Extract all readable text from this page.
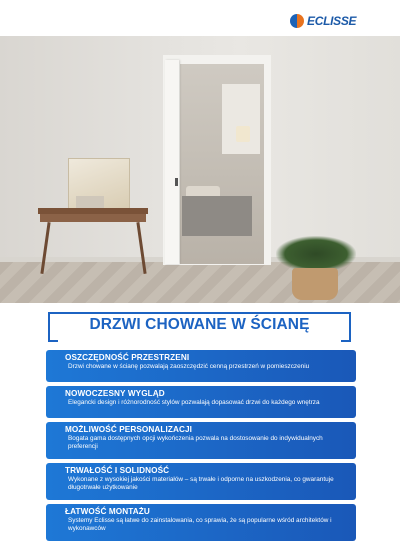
ECLISSE
DRZWI CHOWANE W ŚCIANĘ
OSZCZĘDNOŚĆ PRZESTRZENI
Drzwi chowane w ścianę pozwalają zaoszczędzić cenną przestrzeń w pomieszczeniu
NOWOCZESNY WYGLĄD
Elegancki design i różnorodność stylów pozwalają dopasować drzwi do każdego wnętrza
MOŻLIWOŚĆ PERSONALIZACJI
Bogata gama dostępnych opcji wykończenia pozwala na dostosowanie do indywidualnych preferencji
TRWAŁOŚĆ I SOLIDNOŚĆ
Wykonane z wysokiej jakości materiałów – są trwałe i odporne na uszkodzenia, co gwarantuje długotrwałe użytkowanie
ŁATWOŚĆ MONTAŻU
Systemy Eclisse są łatwe do zainstalowania, co sprawia, że są popularne wśród architektów i wykonawców
